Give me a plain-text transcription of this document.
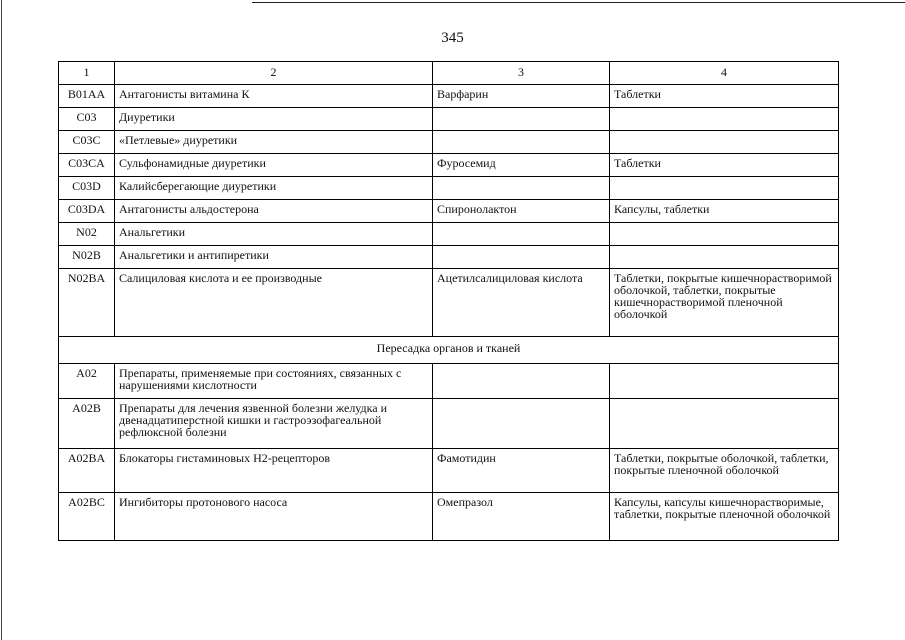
345
1	2	3	4
B01AA	Антагонисты витамина К	Варфарин	Таблетки
C03	Диуретики		
C03C	«Петлевые» диуретики		
C03CA	Сульфонамидные диуретики	Фуросемид	Таблетки
C03D	Калийсберегающие диуретики		
C03DA	Антагонисты альдостерона	Спиронолактон	Капсулы, таблетки
N02	Анальгетики		
N02B	Анальгетики и антипиретики		
N02BA	Салициловая кислота и ее производные	Ацетилсалициловая кислота	Таблетки, покрытые кишечнорастворимой оболочкой, таблетки, покрытые кишечнорастворимой пленочной оболочкой
Пересадка органов и тканей			
A02	Препараты, применяемые при состояниях, связанных с нарушениями кислотности		
A02B	Препараты для лечения язвенной болезни желудка и двенадцатиперстной кишки и гастроэзофагеальной рефлюксной болезни		
A02BA	Блокаторы гистаминовых H2-рецепторов	Фамотидин	Таблетки, покрытые оболочкой, таблетки, покрытые пленочной оболочкой
A02BC	Ингибиторы протонового насоса	Омепразол	Капсулы, капсулы кишечнорастворимые, таблетки, покрытые пленочной оболочкой
